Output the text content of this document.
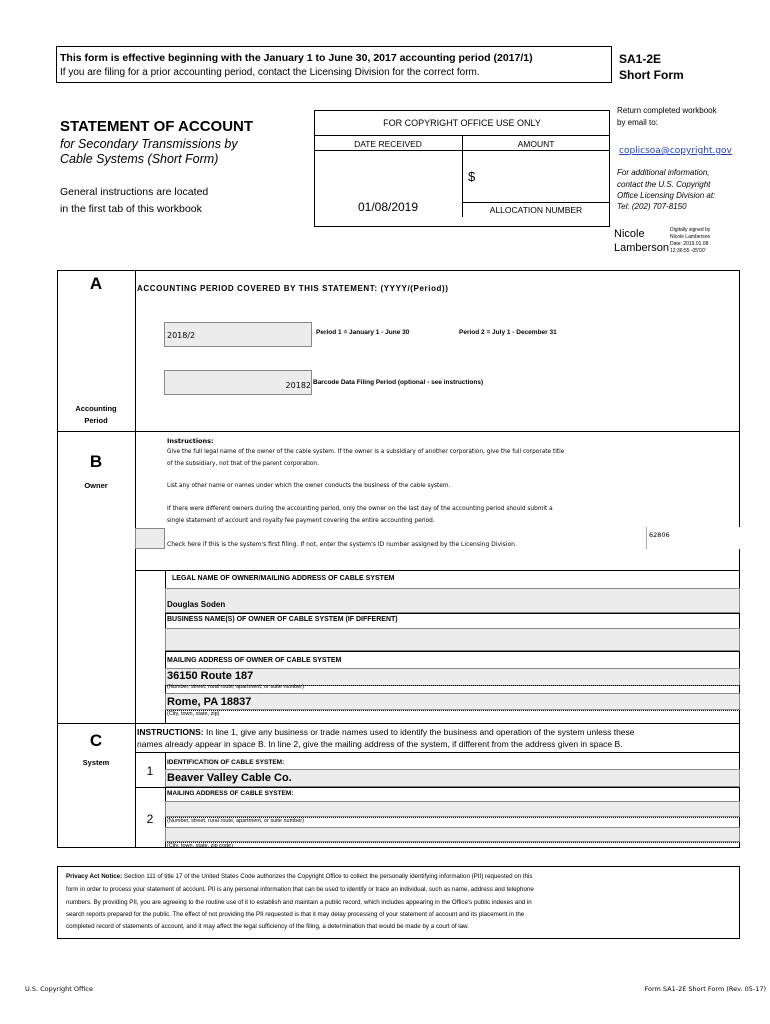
This form is effective beginning with the January 1 to June 30, 2017 accounting period (2017/1)
If you are filing for a prior accounting period, contact the Licensing Division for the correct form.
SA1-2E
Short Form
STATEMENT OF ACCOUNT
for Secondary Transmissions by
Cable Systems (Short Form)
General instructions are located
in the first tab of this workbook
FOR COPYRIGHT OFFICE USE ONLY
DATE RECEIVED	AMOUNT
01/08/2019
$
ALLOCATION NUMBER
Return completed workbook
by email to:
coplicsoa@copyright.gov
For additional information,
contact the U.S. Copyright
Office Licensing Division at:
Tel: (202) 707-8150
Nicole
Lamberson
Digitally signed by
Nicole Lamberson
Date: 2019.01.08
12:36:55 -05'00'
A
Accounting
Period
ACCOUNTING PERIOD COVERED BY THIS STATEMENT: (YYYY/(Period))
2018/2	Period 1 = January 1 - June 30	Period 2 = July 1 - December 31
20182 Barcode Data Filing Period (optional - see instructions)
B
Owner
Instructions:
Give the full legal name of the owner of the cable system. If the owner is a subsidiary of another corporation, give the full corporate title
of the subsidiary, not that of the parent corporation.
List any other name or names under which the owner conducts the business of the cable system.
If there were different owners during the accounting period, only the owner on the last day of the accounting period should submit a
single statement of account and royalty fee payment covering the entire accounting period.
62806
Check here if this is the system's first filing. If not, enter the system's ID number assigned by the Licensing Division.
LEGAL NAME OF OWNER/MAILING ADDRESS OF CABLE SYSTEM
Douglas Soden
BUSINESS NAME(S) OF OWNER OF CABLE SYSTEM (IF DIFFERENT)
MAILING ADDRESS OF OWNER OF CABLE SYSTEM
36150 Route 187
(Number, street, rural route, apartment, or suite number)
Rome, PA 18837
(City, town, state, zip)
C
System
INSTRUCTIONS: In line 1, give any business or trade names used to identify the business and operation of the system unless these
names already appear in space B. In line 2, give the mailing address of the system, if different from the address given in space B.
1
IDENTIFICATION OF CABLE SYSTEM:
Beaver Valley Cable Co.
MAILING ADDRESS OF CABLE SYSTEM:
2	(Number, street, rural route, apartment, or suite number)
(City, town, state, zip code)
Privacy Act Notice: Section 111 of title 17 of the United States Code authorizes the Copyright Office to collect the personally identifying information (PII) requested on this
form in order to process your statement of account. PII is any personal information that can be used to identify or trace an individual, such as name, address and telephone
numbers. By providing PII, you are agreeing to the routine use of it to establish and maintain a public record, which includes appearing in the Office's public indexes and in
search reports prepared for the public. The effect of not providing the PII requested is that it may delay processing of your statement of account and its placement in the
completed record of statements of account, and it may affect the legal sufficiency of the filing, a determination that would be made by a court of law.
U.S. Copyright Office	Form SA1-2E Short Form (Rev. 05-17)
